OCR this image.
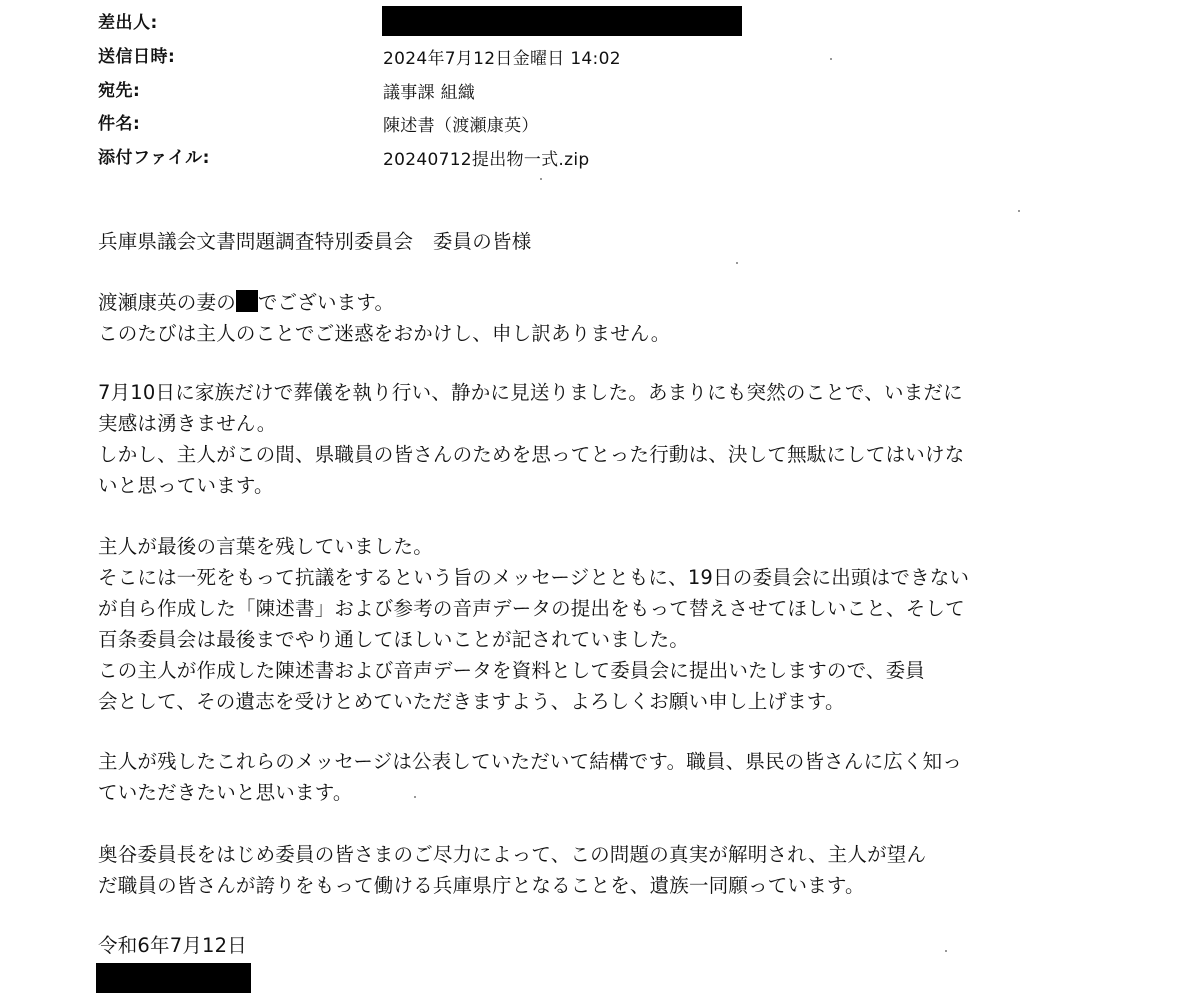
差出人:
送信日時:	2024年7月12日金曜日 14:02
宛先:	議事課 組織
件名:	陳述書（渡瀬康英）
添付ファイル:	20240712提出物一式.zip
兵庫県議会文書問題調査特別委員会　委員の皆様
渡瀬康英の妻の でございます。
このたびは主人のことでご迷惑をおかけし、申し訳ありません。
7月10日に家族だけで葬儀を執り行い、静かに見送りました。あまりにも突然のことで、いまだに
実感は湧きません。
しかし、主人がこの間、県職員の皆さんのためを思ってとった行動は、決して無駄にしてはいけな
いと思っています。
主人が最後の言葉を残していました。
そこには一死をもって抗議をするという旨のメッセージとともに、19日の委員会に出頭はできない
が自ら作成した「陳述書」および参考の音声データの提出をもって替えさせてほしいこと、そして
百条委員会は最後までやり通してほしいことが記されていました。
この主人が作成した陳述書および音声データを資料として委員会に提出いたしますので、委員
会として、その遺志を受けとめていただきますよう、よろしくお願い申し上げます。
主人が残したこれらのメッセージは公表していただいて結構です。職員、県民の皆さんに広く知っ
ていただきたいと思います。
奥谷委員長をはじめ委員の皆さまのご尽力によって、この問題の真実が解明され、主人が望ん
だ職員の皆さんが誇りをもって働ける兵庫県庁となることを、遺族一同願っています。
令和6年7月12日
